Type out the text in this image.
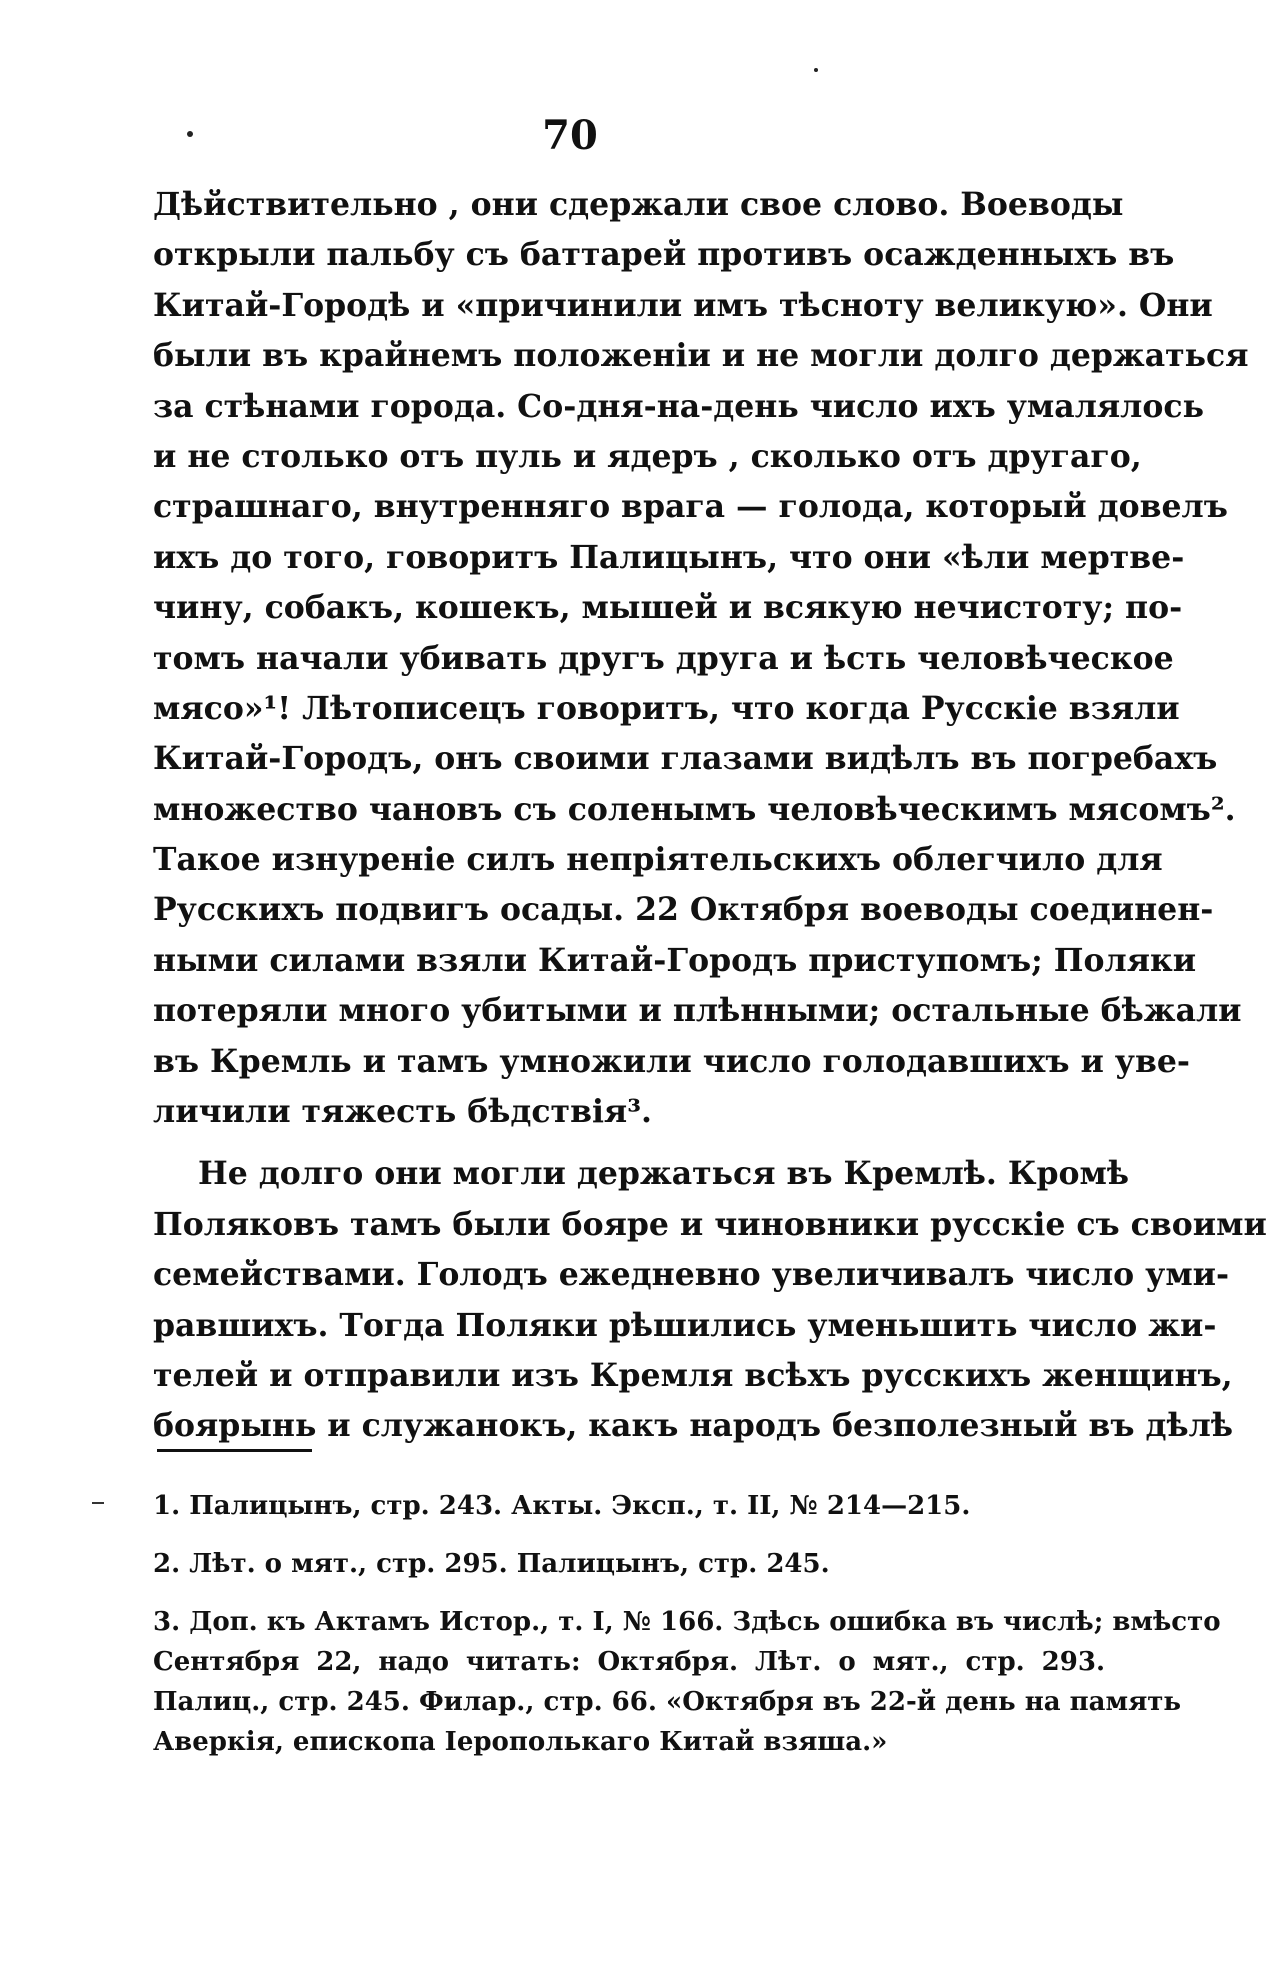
70
Дѣйствительно , они сдержали свое слово. Воеводы
открыли пальбу съ баттарей противъ осажденныхъ въ
Китай-Городѣ и «причинили имъ тѣсноту великую». Они
были въ крайнемъ положенiи и не могли долго держаться
за стѣнами города. Со-дня-на-день число ихъ умалялось
и не столько отъ пуль и ядеръ , сколько отъ другаго,
страшнаго, внутренняго врага — голода, который довелъ
ихъ до того, говоритъ Палицынъ, что они «ѣли мертве-
чину, собакъ, кошекъ, мышей и всякую нечистоту; по-
томъ начали убивать другъ друга и ѣсть человѣческое
мясо»¹! Лѣтописецъ говоритъ, что когда Русскiе взяли
Китай-Городъ, онъ своими глазами видѣлъ въ погребахъ
множество чановъ съ соленымъ человѣческимъ мясомъ².
Такое изнуренiе силъ непрiятельскихъ облегчило для
Русскихъ подвигъ осады. 22 Октября воеводы соединен-
ными силами взяли Китай-Городъ приступомъ; Поляки
потеряли много убитыми и плѣнными; остальные бѣжали
въ Кремль и тамъ умножили число голодавшихъ и уве-
личили тяжесть бѣдствiя³.
Не долго они могли держаться въ Кремлѣ. Кромѣ
Поляковъ тамъ были бояре и чиновники русскiе съ своими
семействами. Голодъ ежедневно увеличивалъ число уми-
равшихъ. Тогда Поляки рѣшились уменьшить число жи-
телей и отправили изъ Кремля всѣхъ русскихъ женщинъ,
боярынь и служанокъ, какъ народъ безполезный въ дѣлѣ
1. Палицынъ, стр. 243. Акты. Эксп., т. II, № 214—215.
2. Лѣт. о мят., стр. 295. Палицынъ, стр. 245.
3. Доп. къ Актамъ Истор., т. I, № 166. Здѣсь ошибка въ числѣ; вмѣсто
Сентября 22, надо читать: Октября. Лѣт. о мят., стр. 293.
Палиц., стр. 245. Филар., стр. 66. «Октября въ 22-й день на память
Аверкiя, епископа Iерополькаго Китай взяша.»
